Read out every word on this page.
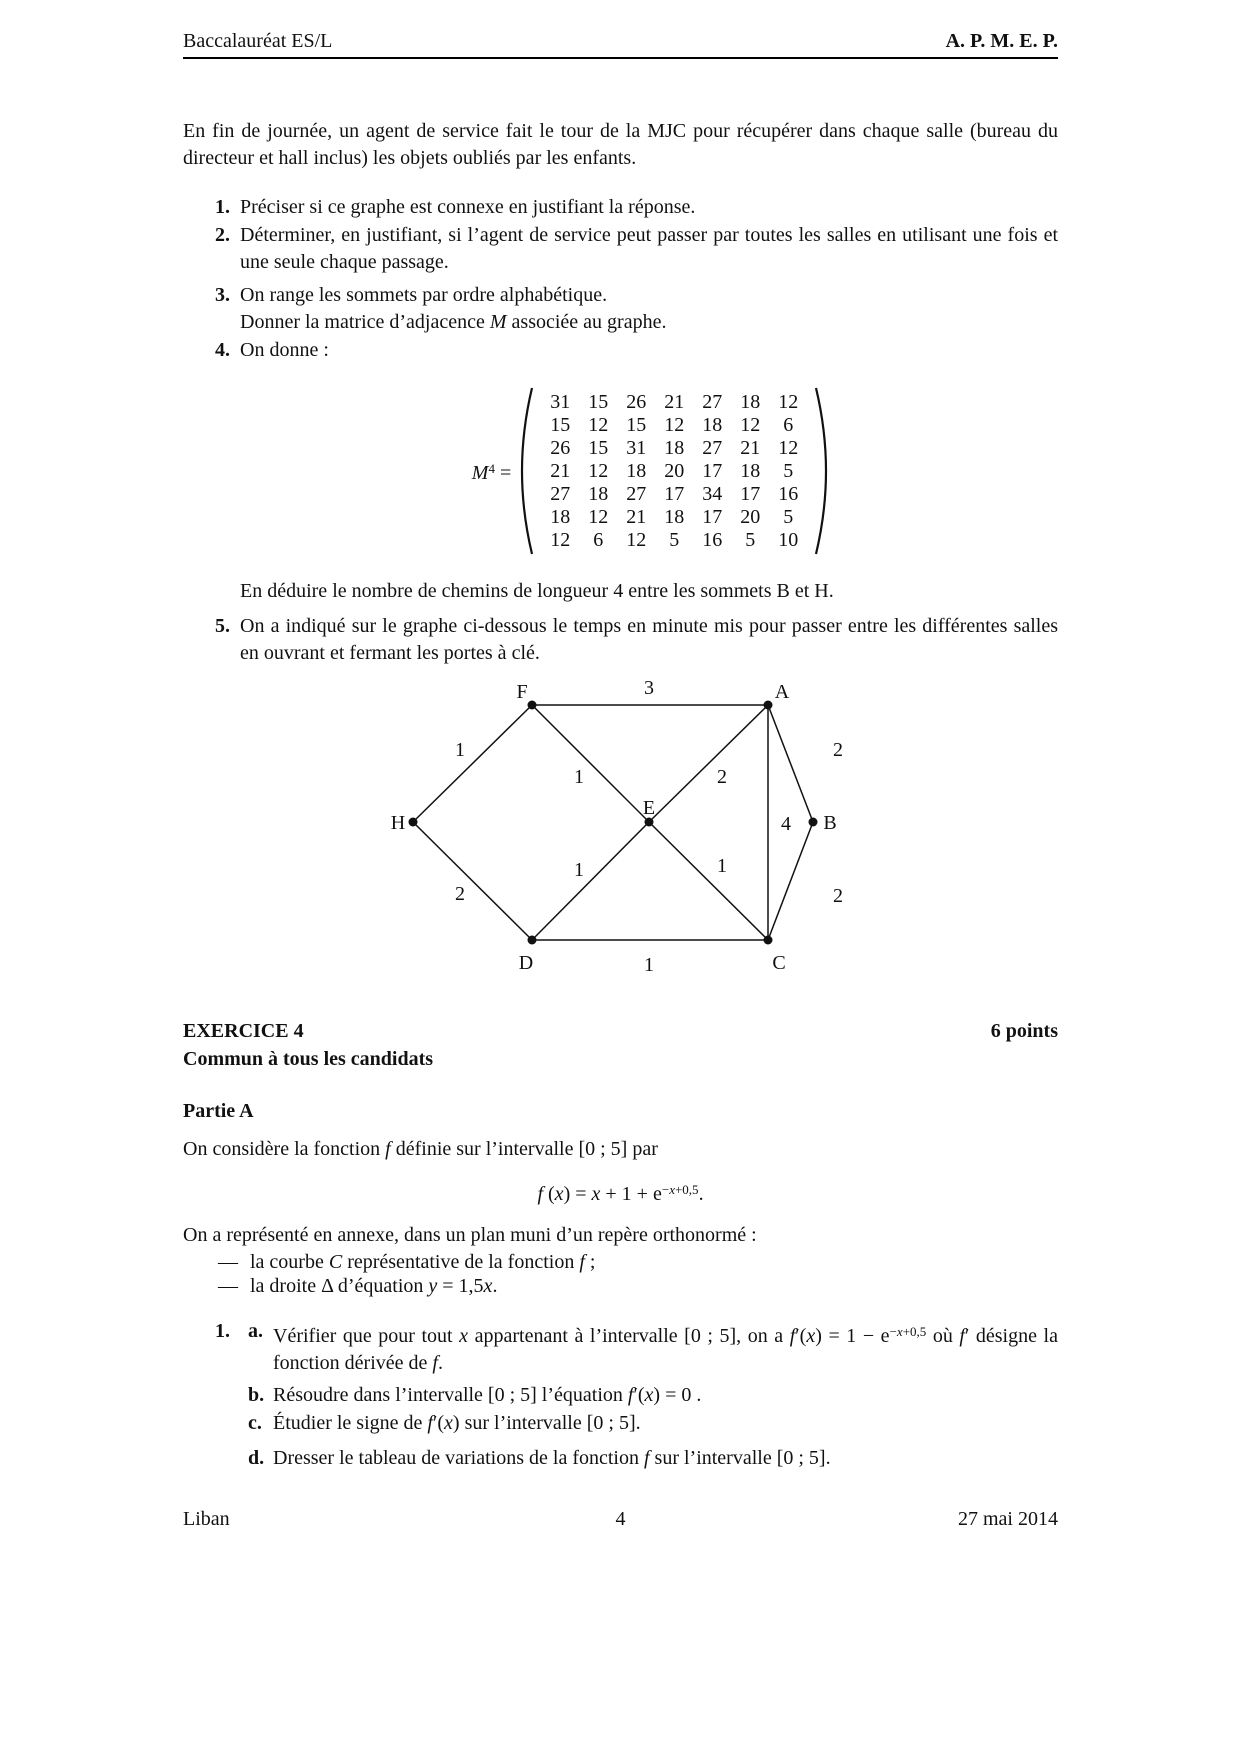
Baccalauréat ES/L	A. P. M. E. P.

En fin de journée, un agent de service fait le tour de la MJC pour récupérer dans chaque salle (bureau du directeur et hall inclus) les objets oubliés par les enfants.

1. Préciser si ce graphe est connexe en justifiant la réponse.
2. Déterminer, en justifiant, si l’agent de service peut passer par toutes les salles en utilisant une fois et une seule chaque passage.
3. On range les sommets par ordre alphabétique.
Donner la matrice d’adjacence M associée au graphe.
4. On donne :
$M^4$ =
31 15 26 21 27 18 12
15 12 15 12 18 12	6
26 15 31 18 27 21 12
21 12 18 20 17 18	5
27 18 27 17 34 17 16
18 12 21 18 17 20	5
12	6	12	5	16	5	10

En déduire le nombre de chemins de longueur 4 entre les sommets B et H.

5. On a indiqué sur le graphe ci-dessous le temps en minute mis pour passer entre les différentes salles en ouvrant et fermant les portes à clé.
3
1
1	2
2
4
1	1
2	2
1
F	A
H
E
B
D	C
EXERCICE 4	6 points

Commun à tous les candidats

Partie A

On considère la fonction f définie sur l’intervalle [0 ; 5] par

f $(x) = x + 1 + e^{-x+0,5}$.

On a représenté en annexe, dans un plan muni d’un repère orthonormé :

— la courbe C représentative de la fonction f ;
— la droite Δ d’équation y = 1,5x.
1. a. Vérifier que pour tout x appartenant à l’intervalle [0 ; 5], on a $f'(x) = 1 - e^{-x+0,5}$ où f′ désigne la fonction dérivée de f.
b. Résoudre dans l’intervalle [0 ; 5] l’équation f′(x) = 0 .
c. Étudier le signe de f′(x) sur l’intervalle [0 ; 5].
d. Dresser le tableau de variations de la fonction f sur l’intervalle [0 ; 5].
Liban	4	27 mai 2014
